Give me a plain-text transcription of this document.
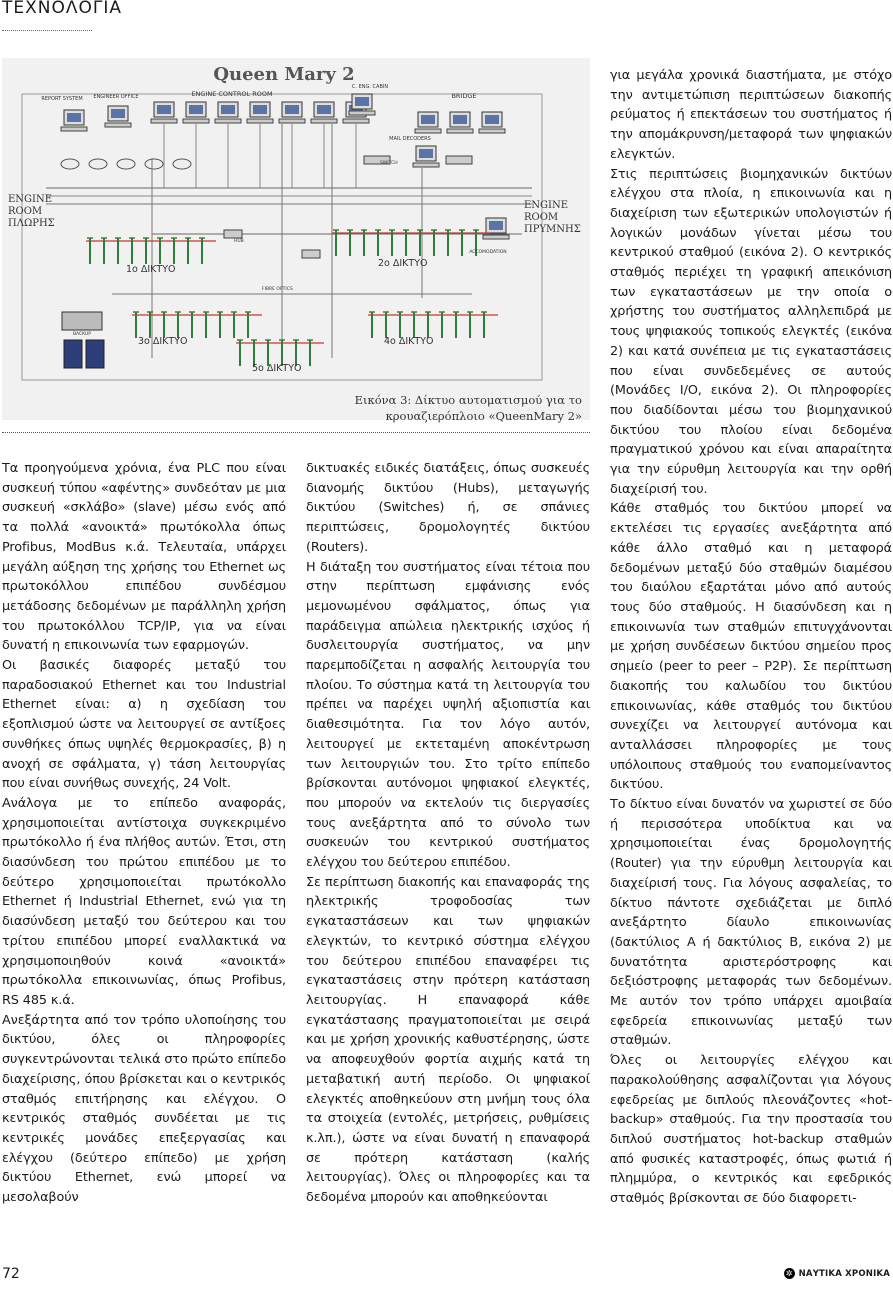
ΤΕΧΝΟΛΟΓΙΑ
Queen Mary 2
ENGINE CONTROL ROOM	BRIDGE
REPORT SYSTEM ENGINEER OFFICE
C. ENG. CABIN
MAIL DECODERS
SWITCH
HUB
FIBRE OPTICS
ACCOMODATION
BACKUP
ENGINE
ROOM
ΠΛΩΡΗΣ
ENGINE
ROOM
ΠΡΥΜΝΗΣ
1ο ΔΙΚΤΥΟ
2ο ΔΙΚΤΥΟ
3ο ΔΙΚΤΥΟ	4ο ΔΙΚΤΥΟ
5ο ΔΙΚΤΥΟ
Εικόνα 3: Δίκτυο αυτοματισμού για το
κρουαζιερόπλοιο «QueenMary 2»

Τα προηγούμενα χρόνια, ένα PLC που είναι συσκευή τύπου «αφέντης» συνδεόταν με μια συσκευή «σκλάβο» (slave) μέσω ενός από τα πολλά «ανοικτά» πρωτόκολλα όπως Profibus, ModBus κ.ά. Τελευταία, υπάρχει μεγάλη αύξηση της χρήσης του Ethernet ως πρωτοκόλλου επιπέδου συνδέσμου μετάδοσης δεδομένων με παράλληλη χρήση του πρωτοκόλλου TCP/IP, για να είναι δυνατή η επικοινωνία των εφαρμογών.

Οι βασικές διαφορές μεταξύ του παραδοσιακού Ethernet και του Industrial Ethernet είναι: α) η σχεδίαση του εξοπλισμού ώστε να λειτουργεί σε αντίξοες συνθήκες όπως υψηλές θερμοκρασίες, β) η ανοχή σε σφάλματα, γ) τάση λειτουργίας που είναι συνήθως συνεχής, 24 Volt.

Ανάλογα με το επίπεδο αναφοράς, χρησιμοποιείται αντίστοιχα συγκεκριμένο πρωτόκολλο ή ένα πλήθος αυτών. Έτσι, στη διασύνδεση του πρώτου επιπέδου με το δεύτερο χρησιμοποιείται πρωτόκολλο Ethernet ή Industrial Ethernet, ενώ για τη διασύνδεση μεταξύ του δεύτερου και του τρίτου επιπέδου μπορεί εναλλακτικά να χρησιμοποιηθούν κοινά «ανοικτά» πρωτόκολλα επικοινωνίας, όπως Profibus, RS 485 κ.ά.

Ανεξάρτητα από τον τρόπο υλοποίησης του δικτύου, όλες οι πληροφορίες συγκεντρώνονται τελικά στο πρώτο επίπεδο διαχείρισης, όπου βρίσκεται και ο κεντρικός σταθμός επιτήρησης και ελέγχου. Ο κεντρικός σταθμός συνδέεται με τις κεντρικές μονάδες επεξεργασίας και ελέγχου (δεύτερο επίπεδο) με χρήση δικτύου Ethernet, ενώ μπορεί να μεσολαβούν

δικτυακές ειδικές διατάξεις, όπως συσκευές διανομής δικτύου (Hubs), μεταγωγής δικτύου (Switches) ή, σε σπάνιες περιπτώσεις, δρομολογητές δικτύου (Routers).

Η διάταξη του συστήματος είναι τέτοια που στην περίπτωση εμφάνισης ενός μεμονωμένου σφάλματος, όπως για παράδειγμα απώλεια ηλεκτρικής ισχύος ή δυσλειτουργία συστήματος, να μην παρεμποδίζεται η ασφαλής λειτουργία του πλοίου. Το σύστημα κατά τη λειτουργία του πρέπει να παρέχει υψηλή αξιοπιστία και διαθεσιμότητα. Για τον λόγο αυτόν, λειτουργεί με εκτεταμένη αποκέντρωση των λειτουργιών του. Στο τρίτο επίπεδο βρίσκονται αυτόνομοι ψηφιακοί ελεγκτές, που μπορούν να εκτελούν τις διεργασίες τους ανεξάρτητα από το σύνολο των συσκευών του κεντρικού συστήματος ελέγχου του δεύτερου επιπέδου.

Σε περίπτωση διακοπής και επαναφοράς της ηλεκτρικής τροφοδοσίας των εγκαταστάσεων και των ψηφιακών ελεγκτών, το κεντρικό σύστημα ελέγχου του δεύτερου επιπέδου επαναφέρει τις εγκαταστάσεις στην πρότερη κατάσταση λειτουργίας. Η επαναφορά κάθε εγκατάστασης πραγματοποιείται με σειρά και με χρήση χρονικής καθυστέρησης, ώστε να αποφευχθούν φορτία αιχμής κατά τη μεταβατική αυτή περίοδο. Οι ψηφιακοί ελεγκτές αποθηκεύουν στη μνήμη τους όλα τα στοιχεία (εντολές, μετρήσεις, ρυθμίσεις κ.λπ.), ώστε να είναι δυνατή η επαναφορά σε πρότερη κατάσταση (καλής λειτουργίας). Όλες οι πληροφορίες και τα δεδομένα μπορούν και αποθηκεύονται

για μεγάλα χρονικά διαστήματα, με στόχο την αντιμετώπιση περιπτώσεων διακοπής ρεύματος ή επεκτάσεων του συστήματος ή την απομάκρυνση/μεταφορά των ψηφιακών ελεγκτών.

Στις περιπτώσεις βιομηχανικών δικτύων ελέγχου στα πλοία, η επικοινωνία και η διαχείριση των εξωτερικών υπολογιστών ή λογικών μονάδων γίνεται μέσω του κεντρικού σταθμού (εικόνα 2). Ο κεντρικός σταθμός περιέχει τη γραφική απεικόνιση των εγκαταστάσεων με την οποία ο χρήστης του συστήματος αλληλεπιδρά με τους ψηφιακούς τοπικούς ελεγκτές (εικόνα 2) και κατά συνέπεια με τις εγκαταστάσεις που είναι συνδεδεμένες σε αυτούς (Μονάδες I/O, εικόνα 2). Οι πληροφορίες που διαδίδονται μέσω του βιομηχανικού δικτύου του πλοίου είναι δεδομένα πραγματικού χρόνου και είναι απαραίτητα για την εύρυθμη λειτουργία και την ορθή διαχείρισή του.

Κάθε σταθμός του δικτύου μπορεί να εκτελέσει τις εργασίες ανεξάρτητα από κάθε άλλο σταθμό και η μεταφορά δεδομένων μεταξύ δύο σταθμών διαμέσου του διαύλου εξαρτάται μόνο από αυτούς τους δύο σταθμούς. Η διασύνδεση και η επικοινωνία των σταθμών επιτυγχάνονται με χρήση συνδέσεων δικτύου σημείου προς σημείο (peer to peer – P2P). Σε περίπτωση διακοπής του καλωδίου του δικτύου επικοινωνίας, κάθε σταθμός του δικτύου συνεχίζει να λειτουργεί αυτόνομα και ανταλλάσσει πληροφορίες με τους υπόλοιπους σταθμούς του εναπομείναντος δικτύου.

Το δίκτυο είναι δυνατόν να χωριστεί σε δύο ή περισσότερα υποδίκτυα και να χρησιμοποιείται ένας δρομολογητής (Router) για την εύρυθμη λειτουργία και διαχείρισή τους. Για λόγους ασφαλείας, το δίκτυο πάντοτε σχεδιάζεται με διπλό ανεξάρτητο δίαυλο επικοινωνίας (δακτύλιος Α ή δακτύλιος Β, εικόνα 2) με δυνατότητα αριστερόστροφης και δεξιόστροφης μεταφοράς των δεδομένων. Με αυτόν τον τρόπο υπάρχει αμοιβαία εφεδρεία επικοινωνίας μεταξύ των σταθμών.

Όλες οι λειτουργίες ελέγχου και παρακολούθησης ασφαλίζονται για λόγους εφεδρείας με διπλούς πλεονάζοντες «hot-backup» σταθμούς. Για την προστασία του διπλού συστήματος hot-backup σταθμών από φυσικές καταστροφές, όπως φωτιά ή πλημμύρα, ο κεντρικός και εφεδρικός σταθμός βρίσκονται σε δύο διαφορετι-

72	✲ ΝΑΥΤΙΚΑ ΧΡΟΝΙΚΑ
